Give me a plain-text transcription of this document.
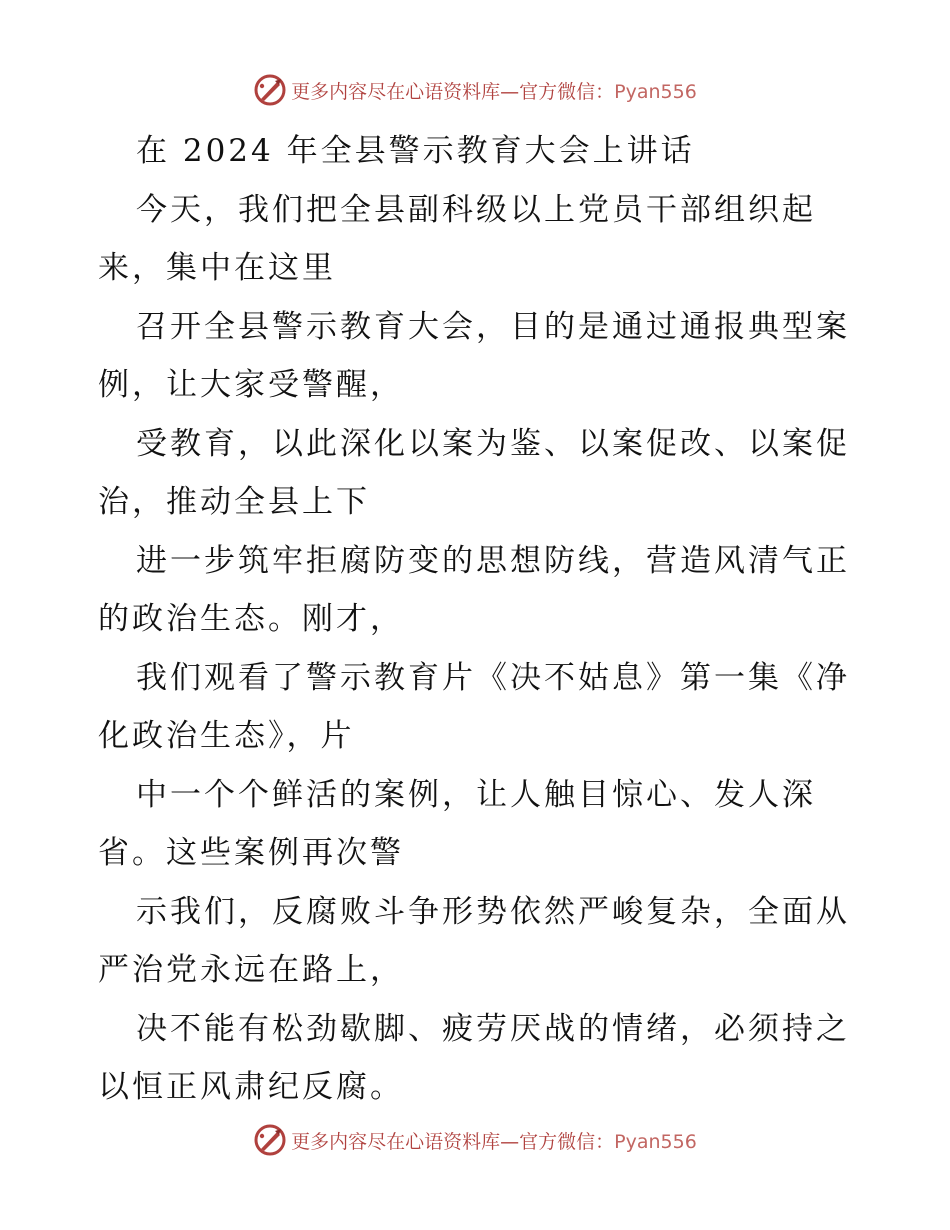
更多内容尽在心语资料库—官方微信：Pyan556
在 2024 年全县警示教育大会上讲话
今天，我们把全县副科级以上党员干部组织起
来，集中在这里
召开全县警示教育大会，目的是通过通报典型案
例，让大家受警醒，
受教育，以此深化以案为鉴、以案促改、以案促
治，推动全县上下
进一步筑牢拒腐防变的思想防线，营造风清气正
的政治生态。刚才，
我们观看了警示教育片《决不姑息》第一集《净
化政治生态》，片
中一个个鲜活的案例，让人触目惊心、发人深
省。这些案例再次警
示我们，反腐败斗争形势依然严峻复杂，全面从
严治党永远在路上，
决不能有松劲歇脚、疲劳厌战的情绪，必须持之
以恒正风肃纪反腐。
更多内容尽在心语资料库—官方微信：Pyan556
